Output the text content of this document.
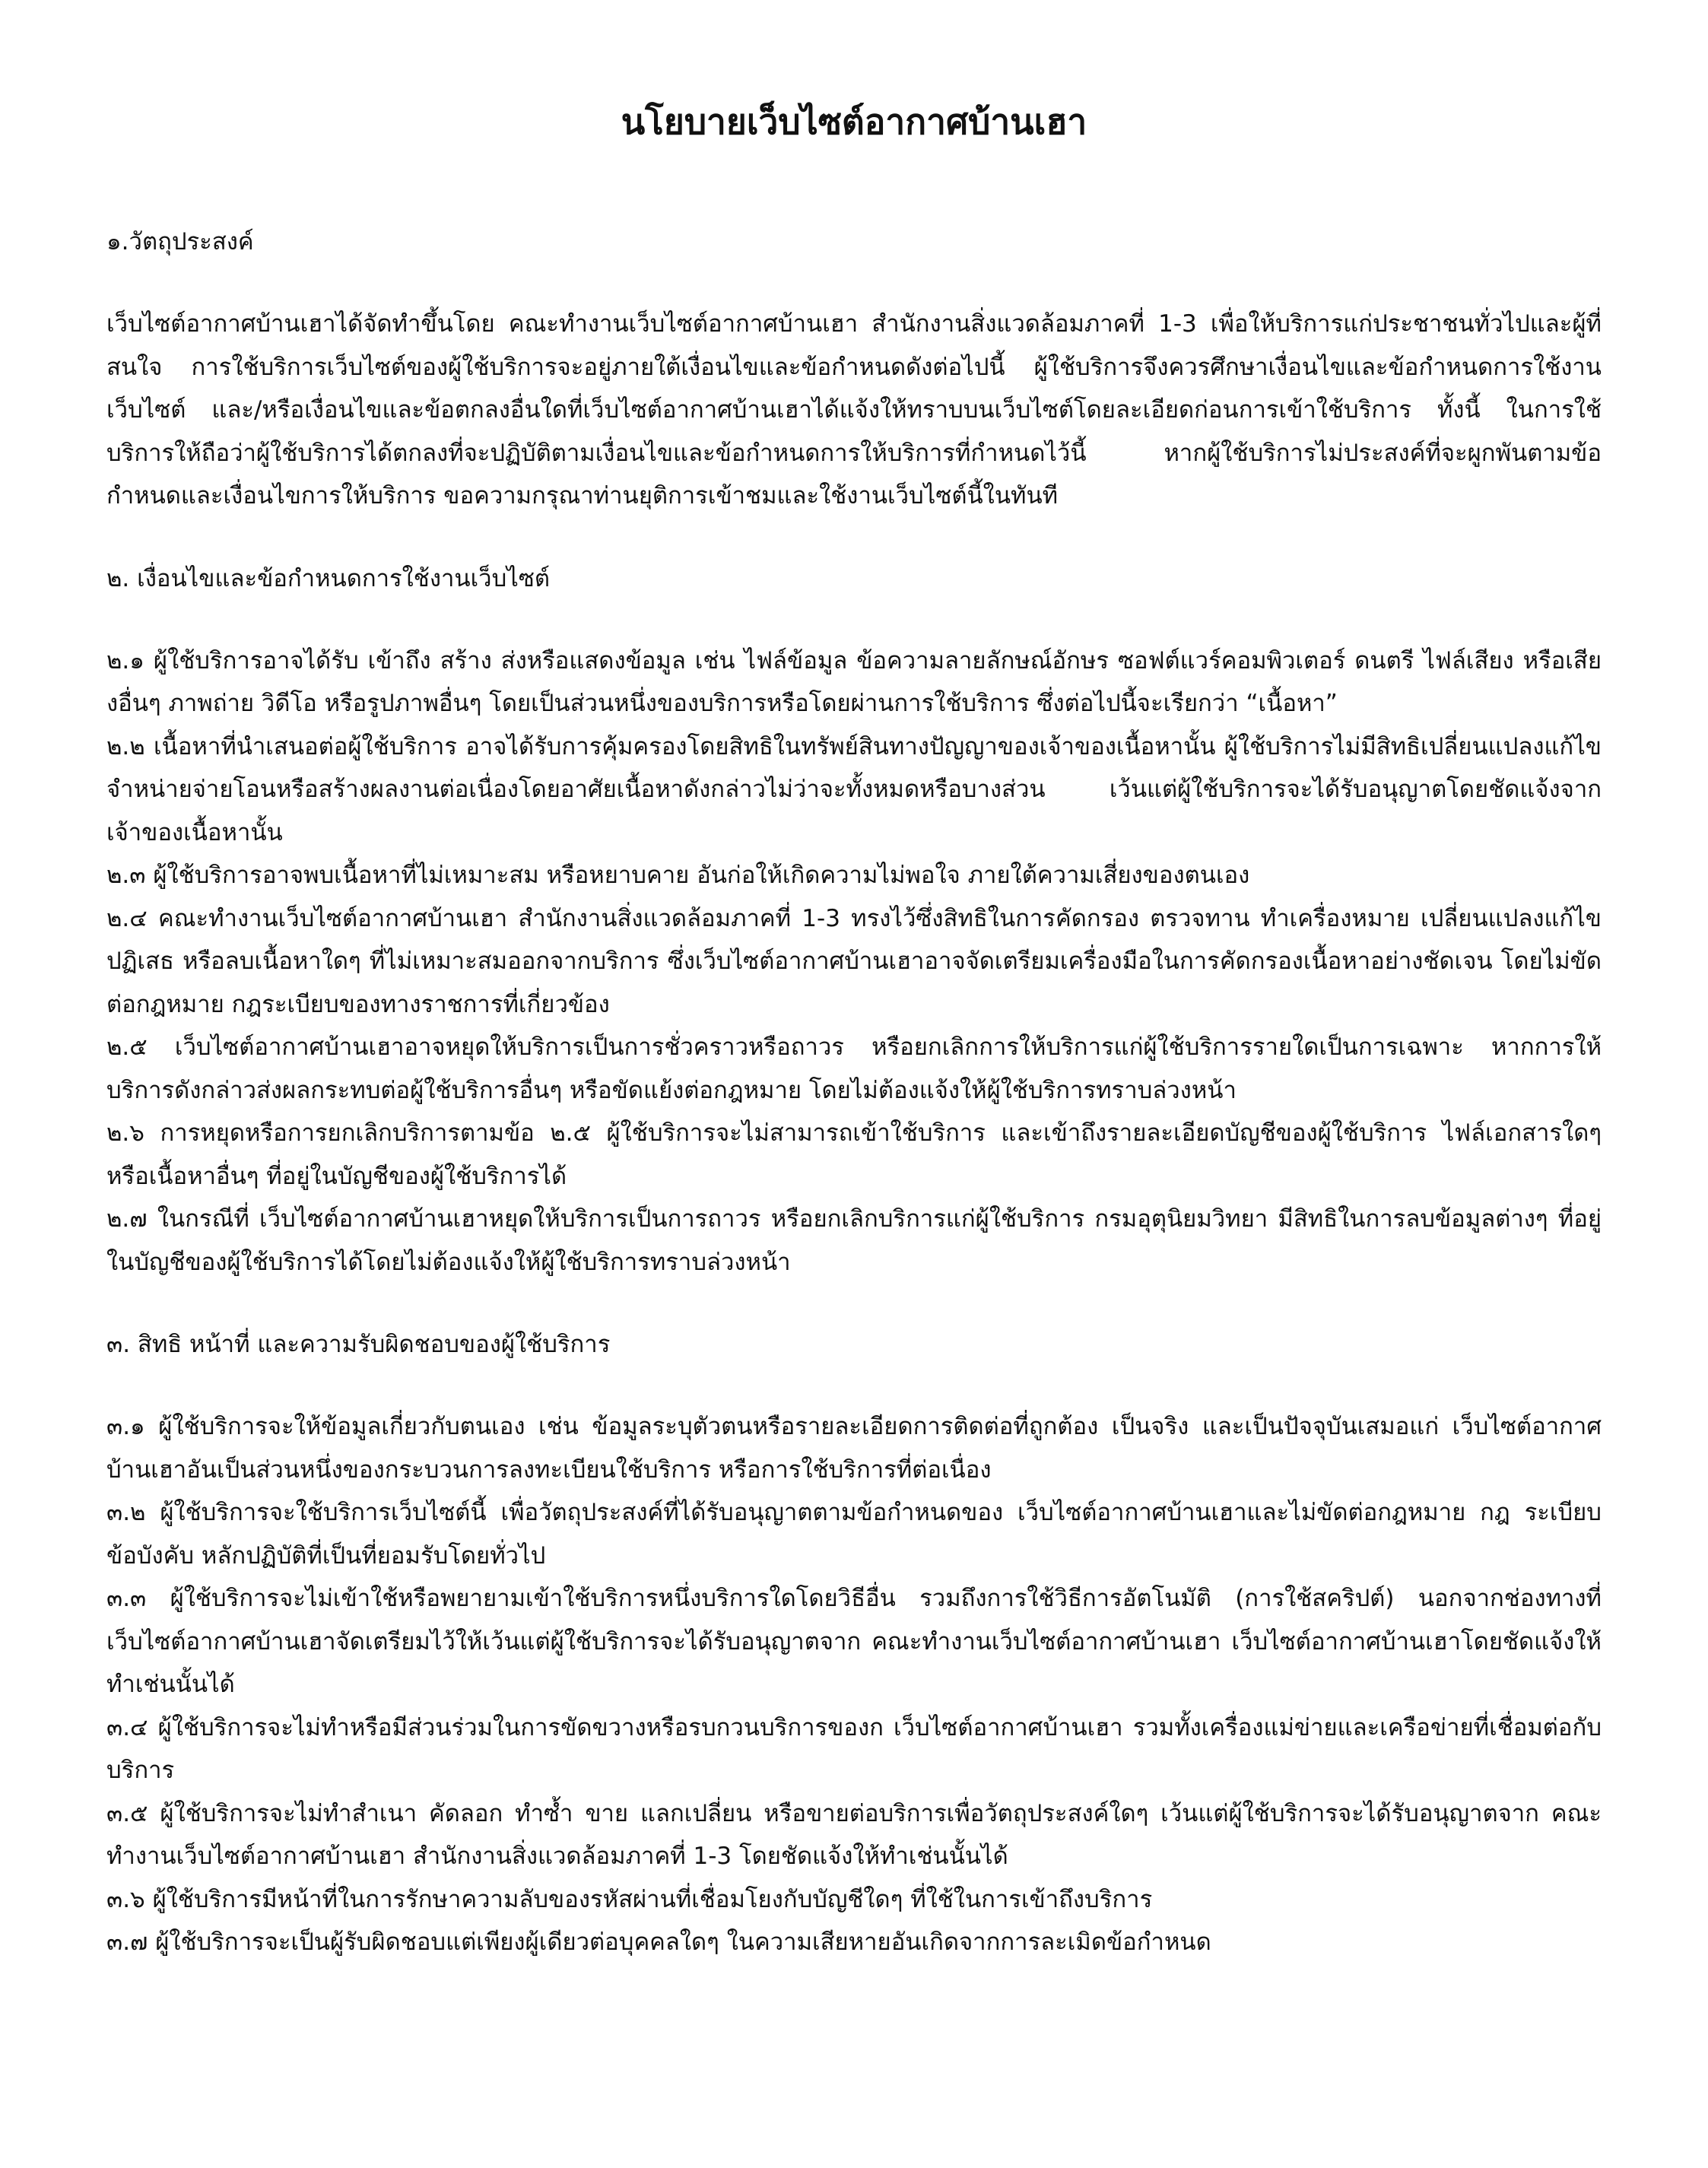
นโยบายเว็บไซต์อากาศบ้านเฮา
๑.วัตถุประสงค์

เว็บไซต์อากาศบ้านเฮาได้จัดทำขึ้นโดย คณะทำงานเว็บไซต์อากาศบ้านเฮา สำนักงานสิ่งแวดล้อมภาคที่ 1-3 เพื่อให้บริการแก่ประชาชนทั่วไปและผู้ที่สนใจ การใช้บริการเว็บไซต์ของผู้ใช้บริการจะอยู่ภายใต้เงื่อนไขและข้อกำหนดดังต่อไปนี้ ผู้ใช้บริการจึงควรศึกษาเงื่อนไขและข้อกำหนดการใช้งานเว็บไซต์ และ/หรือเงื่อนไขและข้อตกลงอื่นใดที่เว็บไซต์อากาศบ้านเฮาได้แจ้งให้ทราบบนเว็บไซต์โดยละเอียดก่อนการเข้าใช้บริการ ทั้งนี้ ในการใช้บริการให้ถือว่าผู้ใช้บริการได้ตกลงที่จะปฏิบัติตามเงื่อนไขและข้อกำหนดการให้บริการที่กำหนดไว้นี้ หากผู้ใช้บริการไม่ประสงค์ที่จะผูกพันตามข้อกำหนดและเงื่อนไขการให้บริการ ขอความกรุณาท่านยุติการเข้าชมและใช้งานเว็บไซต์นี้ในทันที

๒. เงื่อนไขและข้อกำหนดการใช้งานเว็บไซต์
๒.๑ ผู้ใช้บริการอาจได้รับ เข้าถึง สร้าง ส่งหรือแสดงข้อมูล เช่น ไฟล์ข้อมูล ข้อความลายลักษณ์อักษร ซอฟต์แวร์คอมพิวเตอร์ ดนตรี ไฟล์เสียง หรือเสียงอื่นๆ ภาพถ่าย วิดีโอ หรือรูปภาพอื่นๆ โดยเป็นส่วนหนึ่งของบริการหรือโดยผ่านการใช้บริการ ซึ่งต่อไปนี้จะเรียกว่า “เนื้อหา”
๒.๒ เนื้อหาที่นำเสนอต่อผู้ใช้บริการ อาจได้รับการคุ้มครองโดยสิทธิในทรัพย์สินทางปัญญาของเจ้าของเนื้อหานั้น ผู้ใช้บริการไม่มีสิทธิเปลี่ยนแปลงแก้ไข จำหน่ายจ่ายโอนหรือสร้างผลงานต่อเนื่องโดยอาศัยเนื้อหาดังกล่าวไม่ว่าจะทั้งหมดหรือบางส่วน เว้นแต่ผู้ใช้บริการจะได้รับอนุญาตโดยชัดแจ้งจากเจ้าของเนื้อหานั้น
๒.๓ ผู้ใช้บริการอาจพบเนื้อหาที่ไม่เหมาะสม หรือหยาบคาย อันก่อให้เกิดความไม่พอใจ ภายใต้ความเสี่ยงของตนเอง
๒.๔ คณะทำงานเว็บไซต์อากาศบ้านเฮา สำนักงานสิ่งแวดล้อมภาคที่ 1-3 ทรงไว้ซึ่งสิทธิในการคัดกรอง ตรวจทาน ทำเครื่องหมาย เปลี่ยนแปลงแก้ไข ปฏิเสธ หรือลบเนื้อหาใดๆ ที่ไม่เหมาะสมออกจากบริการ ซึ่งเว็บไซต์อากาศบ้านเฮาอาจจัดเตรียมเครื่องมือในการคัดกรองเนื้อหาอย่างชัดเจน โดยไม่ขัดต่อกฎหมาย กฎระเบียบของทางราชการที่เกี่ยวข้อง
๒.๕ เว็บไซต์อากาศบ้านเฮาอาจหยุดให้บริการเป็นการชั่วคราวหรือถาวร หรือยกเลิกการให้บริการแก่ผู้ใช้บริการรายใดเป็นการเฉพาะ หากการให้บริการดังกล่าวส่งผลกระทบต่อผู้ใช้บริการอื่นๆ หรือขัดแย้งต่อกฎหมาย โดยไม่ต้องแจ้งให้ผู้ใช้บริการทราบล่วงหน้า
๒.๖ การหยุดหรือการยกเลิกบริการตามข้อ ๒.๕ ผู้ใช้บริการจะไม่สามารถเข้าใช้บริการ และเข้าถึงรายละเอียดบัญชีของผู้ใช้บริการ ไฟล์เอกสารใดๆ หรือเนื้อหาอื่นๆ ที่อยู่ในบัญชีของผู้ใช้บริการได้
๒.๗ ในกรณีที่ เว็บไซต์อากาศบ้านเฮาหยุดให้บริการเป็นการถาวร หรือยกเลิกบริการแก่ผู้ใช้บริการ กรมอุตุนิยมวิทยา มีสิทธิในการลบข้อมูลต่างๆ ที่อยู่ในบัญชีของผู้ใช้บริการได้โดยไม่ต้องแจ้งให้ผู้ใช้บริการทราบล่วงหน้า
๓. สิทธิ หน้าที่ และความรับผิดชอบของผู้ใช้บริการ
๓.๑ ผู้ใช้บริการจะให้ข้อมูลเกี่ยวกับตนเอง เช่น ข้อมูลระบุตัวตนหรือรายละเอียดการติดต่อที่ถูกต้อง เป็นจริง และเป็นปัจจุบันเสมอแก่ เว็บไซต์อากาศบ้านเฮาอันเป็นส่วนหนึ่งของกระบวนการลงทะเบียนใช้บริการ หรือการใช้บริการที่ต่อเนื่อง
๓.๒ ผู้ใช้บริการจะใช้บริการเว็บไซต์นี้ เพื่อวัตถุประสงค์ที่ได้รับอนุญาตตามข้อกำหนดของ เว็บไซต์อากาศบ้านเฮาและไม่ขัดต่อกฎหมาย กฎ ระเบียบ ข้อบังคับ หลักปฏิบัติที่เป็นที่ยอมรับโดยทั่วไป
๓.๓ ผู้ใช้บริการจะไม่เข้าใช้หรือพยายามเข้าใช้บริการหนึ่งบริการใดโดยวิธีอื่น รวมถึงการใช้วิธีการอัตโนมัติ (การใช้สคริปต์) นอกจากช่องทางที่เว็บไซต์อากาศบ้านเฮาจัดเตรียมไว้ให้เว้นแต่ผู้ใช้บริการจะได้รับอนุญาตจาก คณะทำงานเว็บไซต์อากาศบ้านเฮา เว็บไซต์อากาศบ้านเฮาโดยชัดแจ้งให้ทำเช่นนั้นได้
๓.๔ ผู้ใช้บริการจะไม่ทำหรือมีส่วนร่วมในการขัดขวางหรือรบกวนบริการของก เว็บไซต์อากาศบ้านเฮา รวมทั้งเครื่องแม่ข่ายและเครือข่ายที่เชื่อมต่อกับบริการ
๓.๕ ผู้ใช้บริการจะไม่ทำสำเนา คัดลอก ทำซ้ำ ขาย แลกเปลี่ยน หรือขายต่อบริการเพื่อวัตถุประสงค์ใดๆ เว้นแต่ผู้ใช้บริการจะได้รับอนุญาตจาก คณะทำงานเว็บไซต์อากาศบ้านเฮา สำนักงานสิ่งแวดล้อมภาคที่ 1-3 โดยชัดแจ้งให้ทำเช่นนั้นได้
๓.๖ ผู้ใช้บริการมีหน้าที่ในการรักษาความลับของรหัสผ่านที่เชื่อมโยงกับบัญชีใดๆ ที่ใช้ในการเข้าถึงบริการ
๓.๗ ผู้ใช้บริการจะเป็นผู้รับผิดชอบแต่เพียงผู้เดียวต่อบุคคลใดๆ ในความเสียหายอันเกิดจากการละเมิดข้อกำหนด
